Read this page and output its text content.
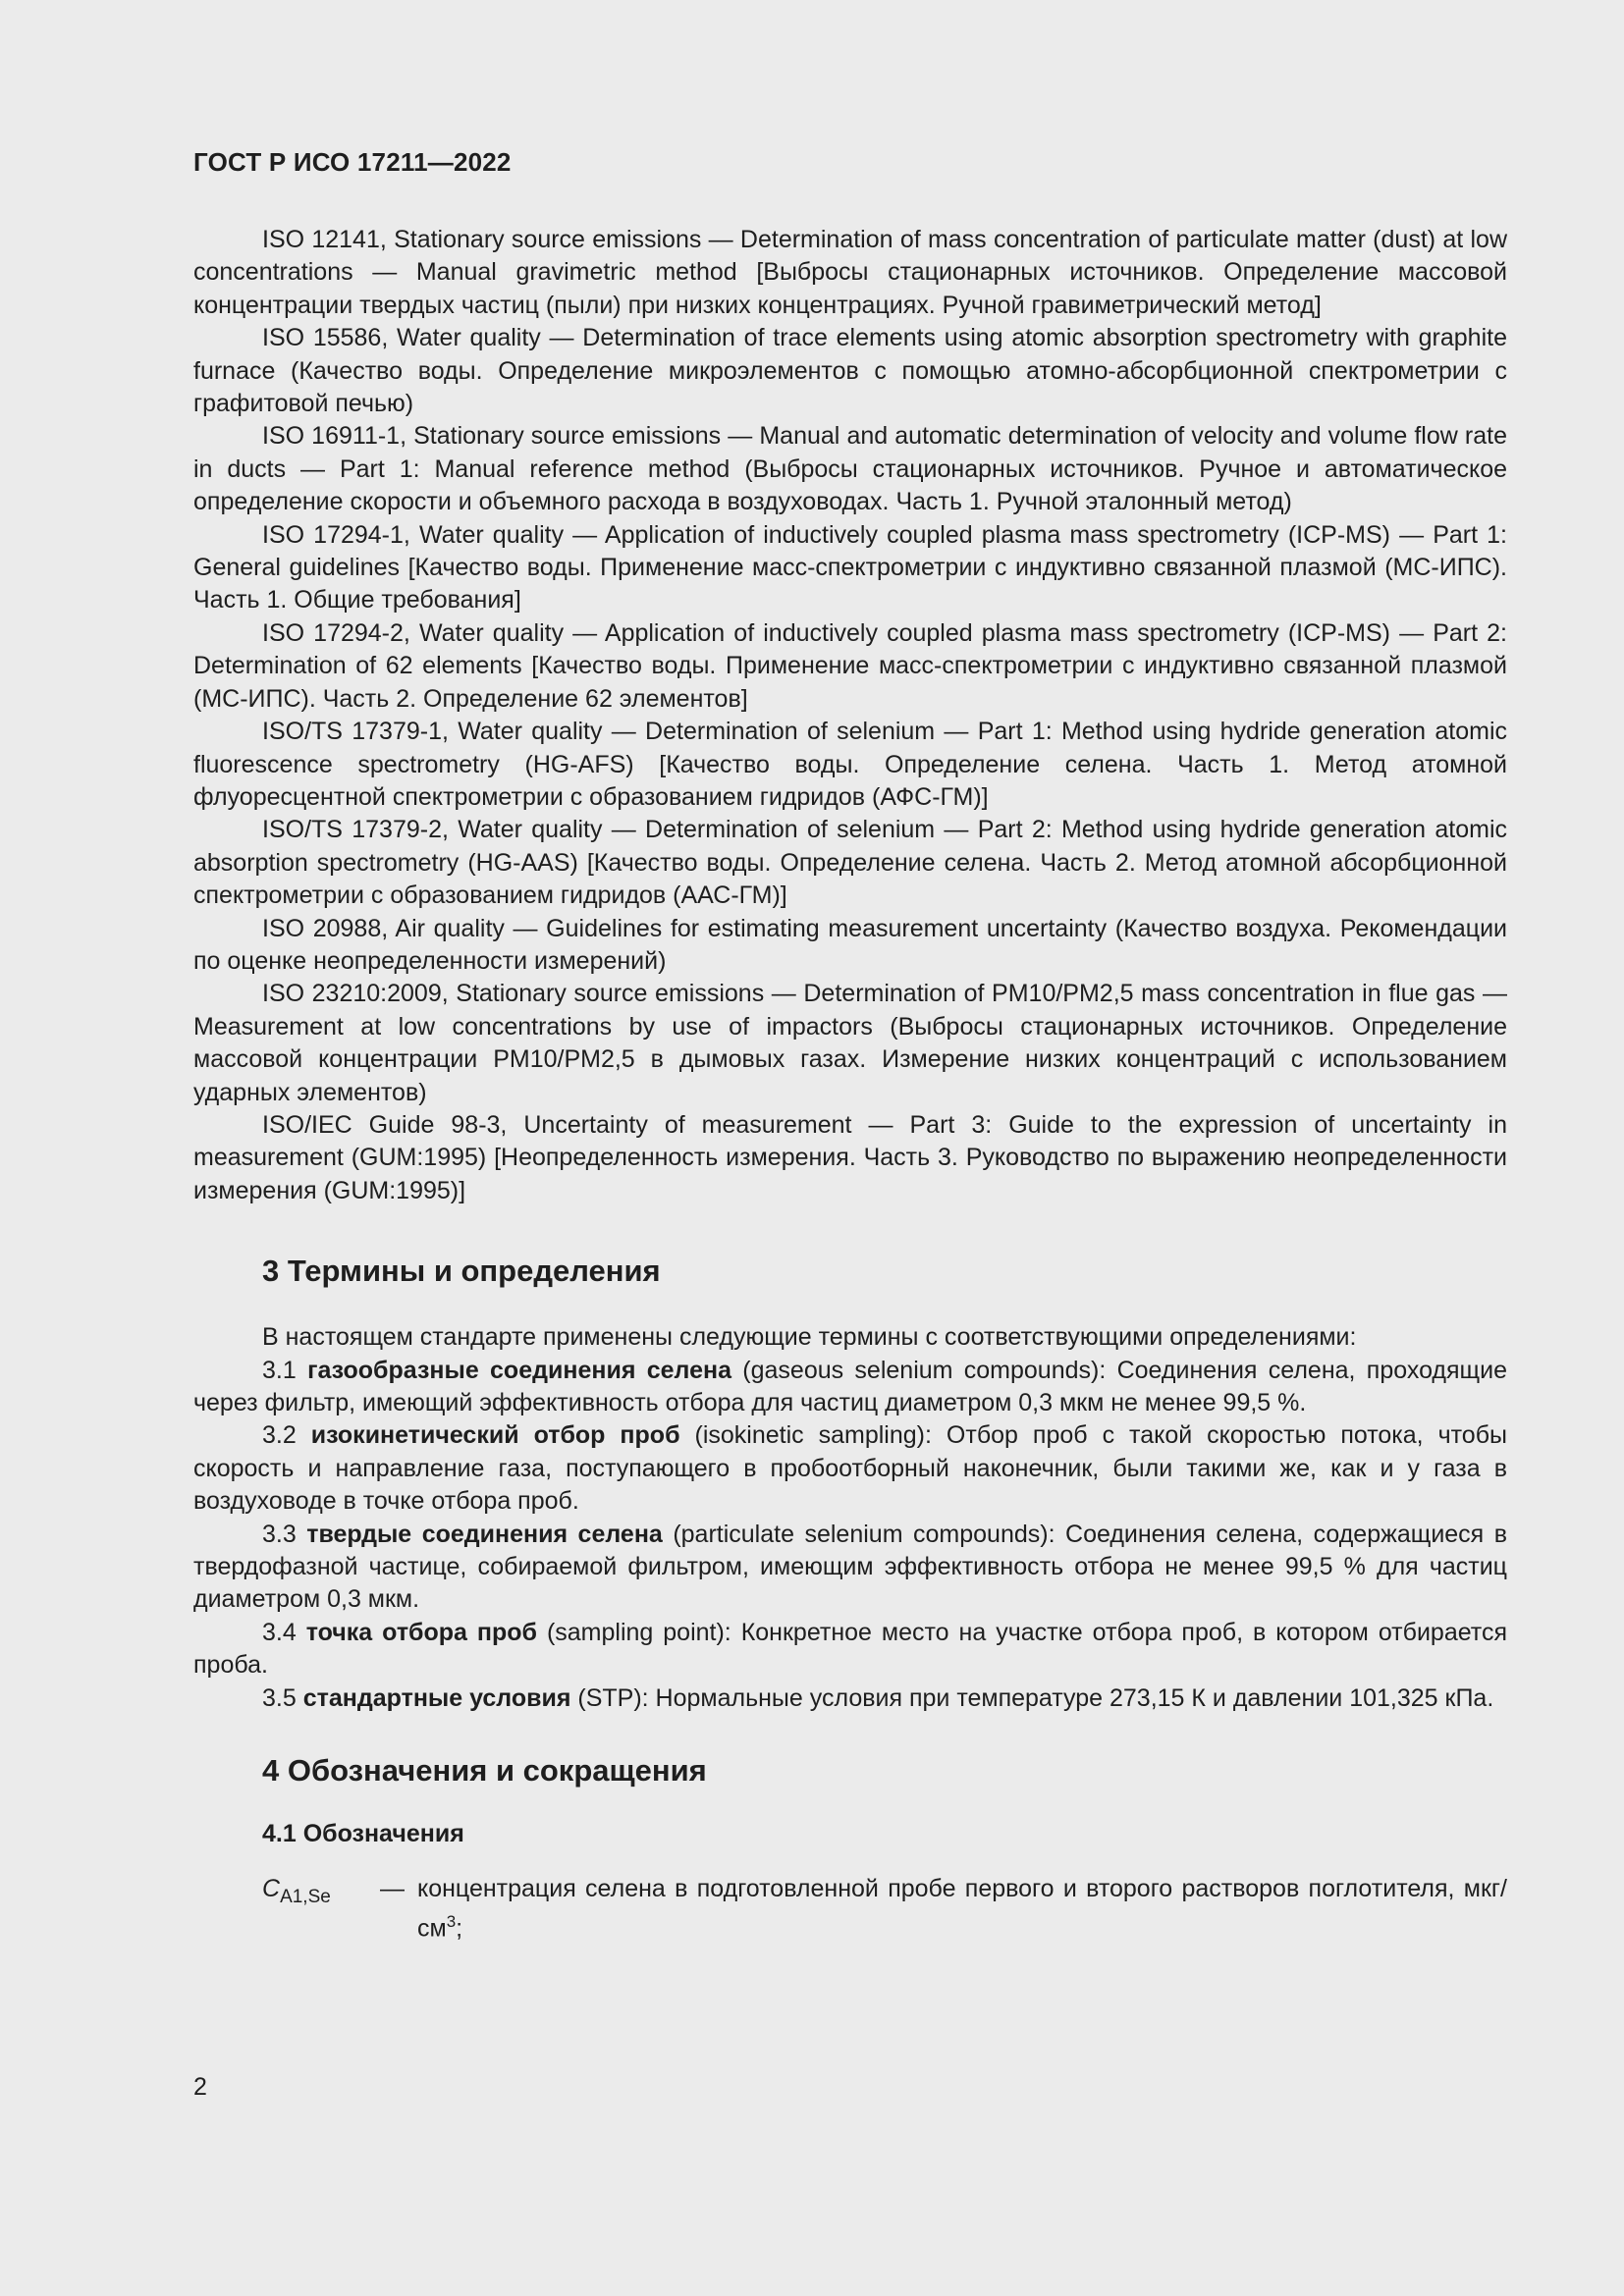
ГОСТ Р ИСО 17211—2022

ISO 12141, Stationary source emissions — Determination of mass concentration of particulate matter (dust) at low concentrations — Manual gravimetric method [Выбросы стационарных источников. Определение массовой концентрации твердых частиц (пыли) при низких концентрациях. Ручной гравиметрический метод]

ISO 15586, Water quality — Determination of trace elements using atomic absorption spectrometry with graphite furnace (Качество воды. Определение микроэлементов с помощью атомно-абсорбционной спектрометрии с графитовой печью)

ISO 16911-1, Stationary source emissions — Manual and automatic determination of velocity and volume flow rate in ducts — Part 1: Manual reference method (Выбросы стационарных источников. Ручное и автоматическое определение скорости и объемного расхода в воздуховодах. Часть 1. Ручной эталонный метод)

ISO 17294-1, Water quality — Application of inductively coupled plasma mass spectrometry (ICP-MS) — Part 1: General guidelines [Качество воды. Применение масс-спектрометрии с индуктивно связанной плазмой (МС-ИПС). Часть 1. Общие требования]

ISO 17294-2, Water quality — Application of inductively coupled plasma mass spectrometry (ICP-MS) — Part 2: Determination of 62 elements [Качество воды. Применение масс-спектрометрии с индуктивно связанной плазмой (МС-ИПС). Часть 2. Определение 62 элементов]

ISO/TS 17379-1, Water quality — Determination of selenium — Part 1: Method using hydride generation atomic fluorescence spectrometry (HG-AFS) [Качество воды. Определение селена. Часть 1. Метод атомной флуоресцентной спектрометрии с образованием гидридов (АФС-ГМ)]

ISO/TS 17379-2, Water quality — Determination of selenium — Part 2: Method using hydride generation atomic absorption spectrometry (HG-AAS) [Качество воды. Определение селена. Часть 2. Метод атомной абсорбционной спектрометрии с образованием гидридов (ААС-ГМ)]

ISO 20988, Air quality — Guidelines for estimating measurement uncertainty (Качество воздуха. Рекомендации по оценке неопределенности измерений)

ISO 23210:2009, Stationary source emissions — Determination of PM10/PM2,5 mass concentration in flue gas — Measurement at low concentrations by use of impactors (Выбросы стационарных источников. Определение массовой концентрации PM10/PM2,5 в дымовых газах. Измерение низких концентраций с использованием ударных элементов)

ISO/IEC Guide 98-3, Uncertainty of measurement — Part 3: Guide to the expression of uncertainty in measurement (GUM:1995) [Неопределенность измерения. Часть 3. Руководство по выражению неопределенности измерения (GUM:1995)]

3 Термины и определения

В настоящем стандарте применены следующие термины с соответствующими определениями:

3.1 газообразные соединения селена (gaseous selenium compounds): Соединения селена, проходящие через фильтр, имеющий эффективность отбора для частиц диаметром 0,3 мкм не менее 99,5 %.

3.2 изокинетический отбор проб (isokinetic sampling): Отбор проб с такой скоростью потока, чтобы скорость и направление газа, поступающего в пробоотборный наконечник, были такими же, как и у газа в воздуховоде в точке отбора проб.

3.3 твердые соединения селена (particulate selenium compounds): Соединения селена, содержащиеся в твердофазной частице, собираемой фильтром, имеющим эффективность отбора не менее 99,5 % для частиц диаметром 0,3 мкм.

3.4 точка отбора проб (sampling point): Конкретное место на участке отбора проб, в котором отбирается проба.

3.5 стандартные условия (STP): Нормальные условия при температуре 273,15 К и давлении 101,325 кПа.

4 Обозначения и сокращения
4.1 Обозначения
$C_{A1,Se}$	— концентрация селена в подготовленной пробе первого и второго растворов поглотителя, мкг/$см^3$;
2
